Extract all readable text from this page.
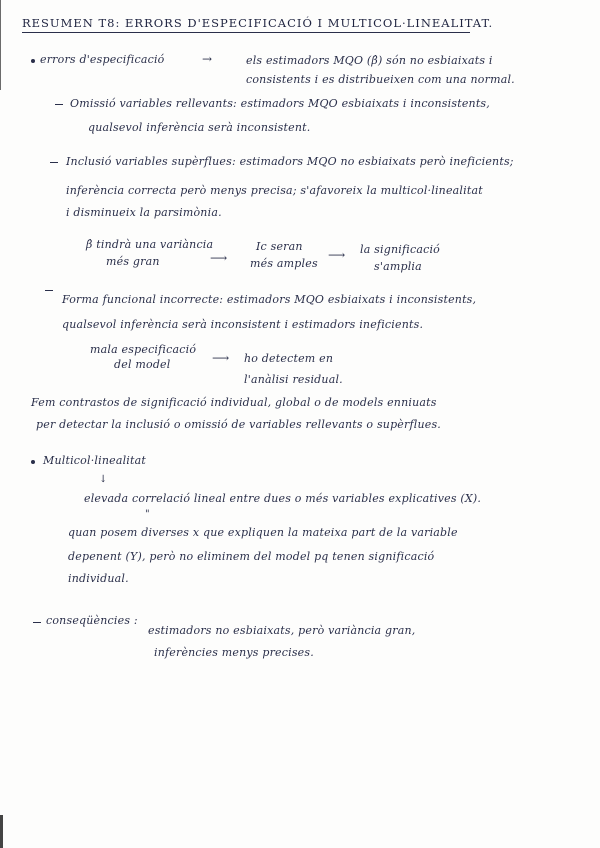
RESUMEN T8: ERRORS D'ESPECIFICACIÓ I MULTICOL·LINEALITAT.
errors d'especificació	→	els estimadors MQO (β̂) són no esbiaixats i
consistents i es distribueixen com una normal.
Omissió variables rellevants: estimadors MQO esbiaixats i inconsistents,
qualsevol inferència serà inconsistent.
Inclusió variables supèrflues: estimadors MQO no esbiaixats però ineficients;
inferència correcta però menys precisa; s'afavoreix la multicol·linealitat
i disminueix la parsimònia.
β̂ tindrà una variància
més gran	⟶
Ic seran
més amples
⟶ la significació
s'amplia
Forma funcional incorrecte: estimadors MQO esbiaixats i inconsistents,
qualsevol inferència serà inconsistent i estimadors ineficients.
mala especificació
del model	⟶ ho detectem en
l'anàlisi residual.
Fem contrastos de significació individual, global o de models enniuats
per detectar la inclusió o omissió de variables rellevants o supèrflues.
Multicol·linealitat
↓
elevada correlació lineal entre dues o més variables explicatives (X).
"
quan posem diverses x que expliquen la mateixa part de la variable
depenent (Y), però no eliminem del model pq tenen significació
individual.
conseqüències :
estimadors no esbiaixats, però variància gran,
inferències menys precises.
